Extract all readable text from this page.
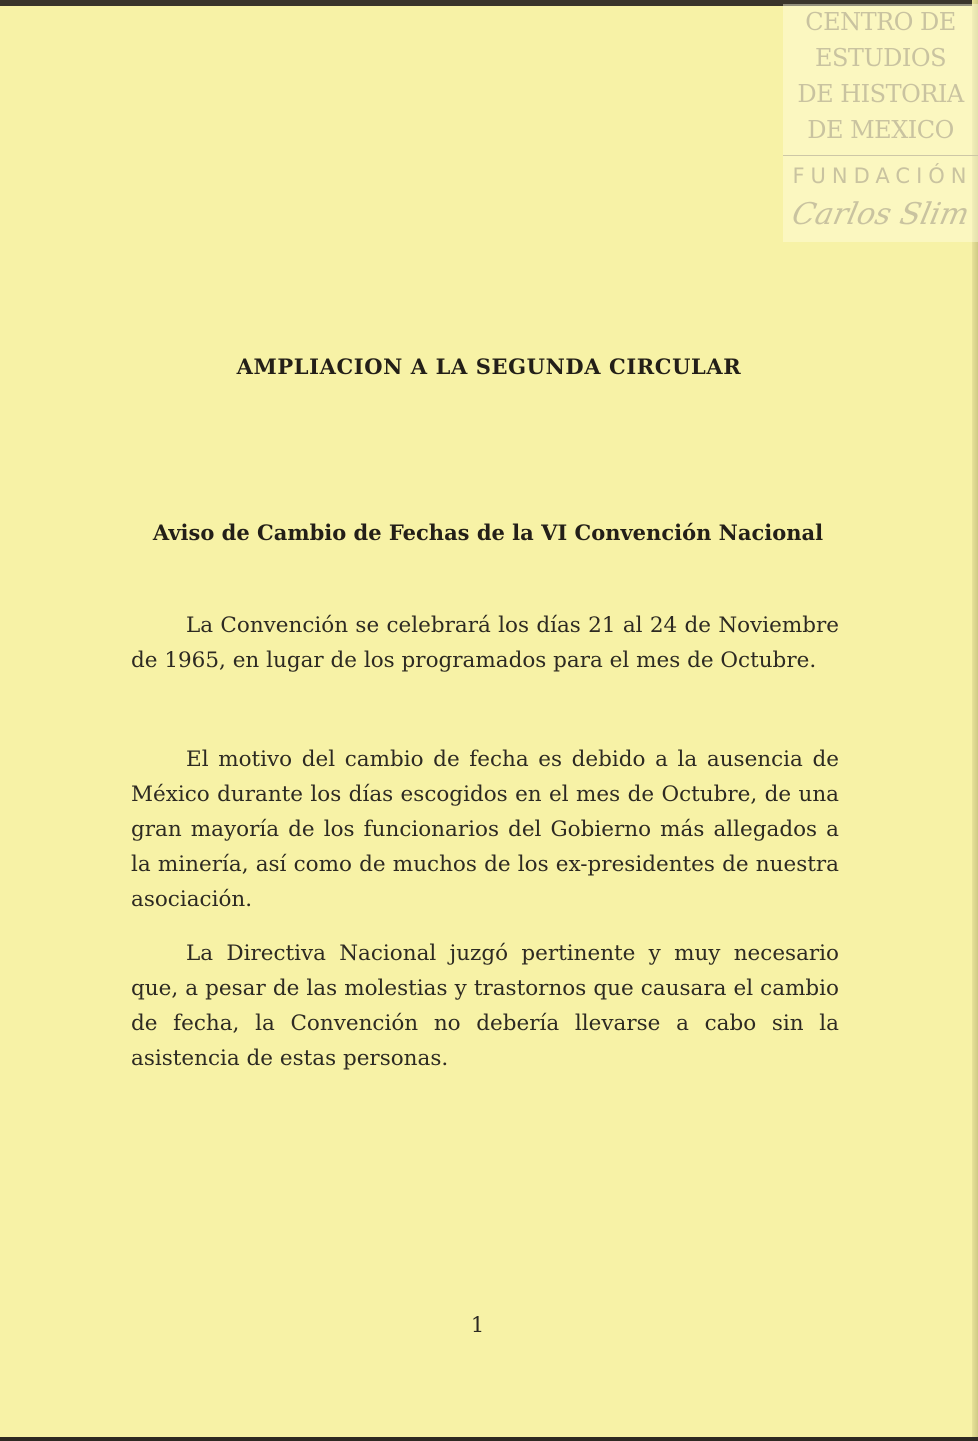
CENTRO DE
ESTUDIOS
DE HISTORIA
DE MEXICO
FUNDACIÓN
Carlos Slim
AMPLIACION A LA SEGUNDA CIRCULAR
Aviso de Cambio de Fechas de la VI Convención Nacional
La Convención se celebrará los días 21 al 24 de Noviembre de 1965, en lugar de los programados para el mes de Octubre.
El motivo del cambio de fecha es debido a la ausencia de México durante los días escogidos en el mes de Octubre, de una gran mayoría de los funcionarios del Gobierno más allegados a la minería, así como de muchos de los ex-presidentes de nuestra asociación.
La Directiva Nacional juzgó pertinente y muy necesario que, a pesar de las molestias y trastornos que causara el cambio de fecha, la Convención no debería llevarse a cabo sin la asistencia de estas personas.
1
